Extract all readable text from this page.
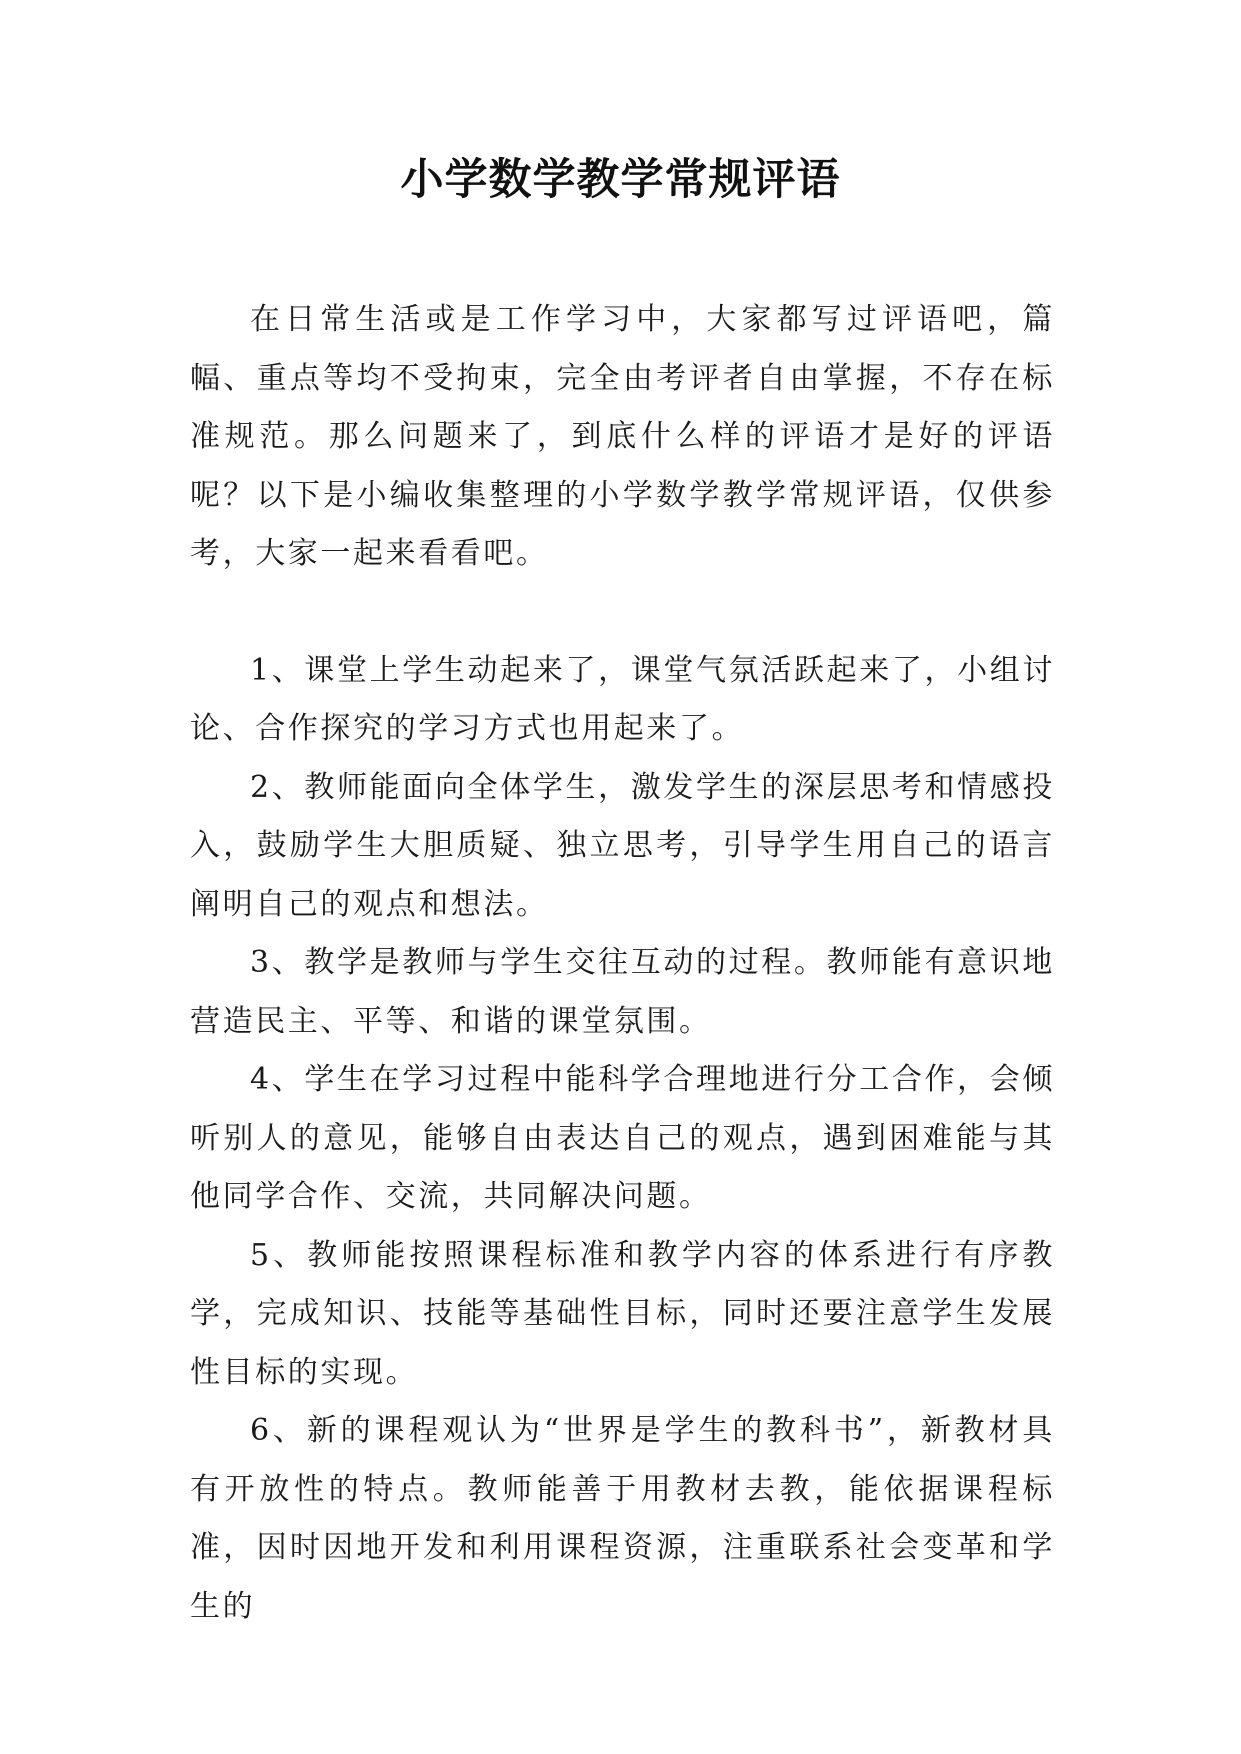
小学数学教学常规评语

在日常生活或是工作学习中，大家都写过评语吧，篇幅、重点等均不受拘束，完全由考评者自由掌握，不存在标准规范。那么问题来了，到底什么样的评语才是好的评语呢？以下是小编收集整理的小学数学教学常规评语，仅供参考，大家一起来看看吧。

1、课堂上学生动起来了，课堂气氛活跃起来了，小组讨论、合作探究的学习方式也用起来了。

2、教师能面向全体学生，激发学生的深层思考和情感投入，鼓励学生大胆质疑、独立思考，引导学生用自己的语言阐明自己的观点和想法。

3、教学是教师与学生交往互动的过程。教师能有意识地营造民主、平等、和谐的课堂氛围。

4、学生在学习过程中能科学合理地进行分工合作，会倾听别人的意见，能够自由表达自己的观点，遇到困难能与其他同学合作、交流，共同解决问题。

5、教师能按照课程标准和教学内容的体系进行有序教学，完成知识、技能等基础性目标，同时还要注意学生发展性目标的实现。

6、新的课程观认为“世界是学生的教科书”，新教材具有开放性的特点。教师能善于用教材去教，能依据课程标准，因时因地开发和利用课程资源，注重联系社会变革和学生的
